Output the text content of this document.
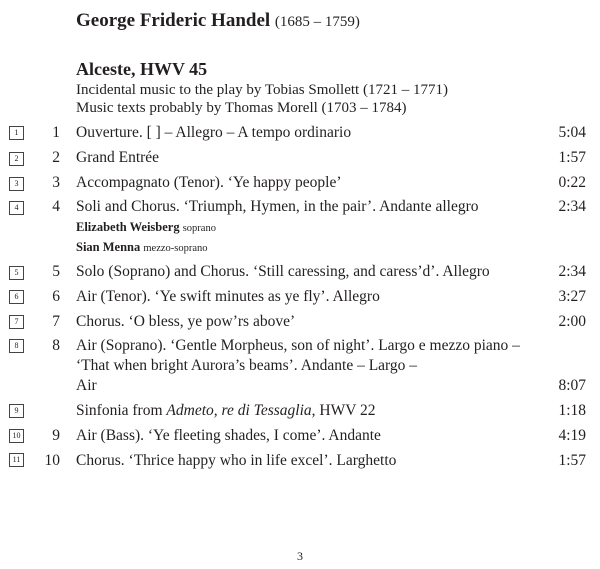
George Frideric Handel (1685 – 1759)
Alceste, HWV 45
Incidental music to the play by Tobias Smollett (1721 – 1771)
Music texts probably by Thomas Morell (1703 – 1784)
1	1 Ouverture. [ ] – Allegro – A tempo ordinario	5:04
2	2 Grand Entrée	1:57
3	3 Accompagnato (Tenor). ‘Ye happy people’	0:22
4	4 Soli and Chorus. ‘Triumph, Hymen, in the pair’. Andante allegro	2:34
Elizabeth Weisberg soprano
Sian Menna mezzo-soprano
5	5 Solo (Soprano) and Chorus. ‘Still caressing, and caress’d’. Allegro	2:34
6	6 Air (Tenor). ‘Ye swift minutes as ye fly’. Allegro	3:27
7	7 Chorus. ‘O bless, ye pow’rs above’	2:00
8	8 Air (Soprano). ‘Gentle Morpheus, son of night’. Largo e mezzo piano –
‘That when bright Aurora’s beams’. Andante – Largo –
Air	8:07
9	Sinfonia from Admeto, re di Tessaglia, HWV 22	1:18
10	9 Air (Bass). ‘Ye fleeting shades, I come’. Andante	4:19
11	10 Chorus. ‘Thrice happy who in life excel’. Larghetto	1:57
3
